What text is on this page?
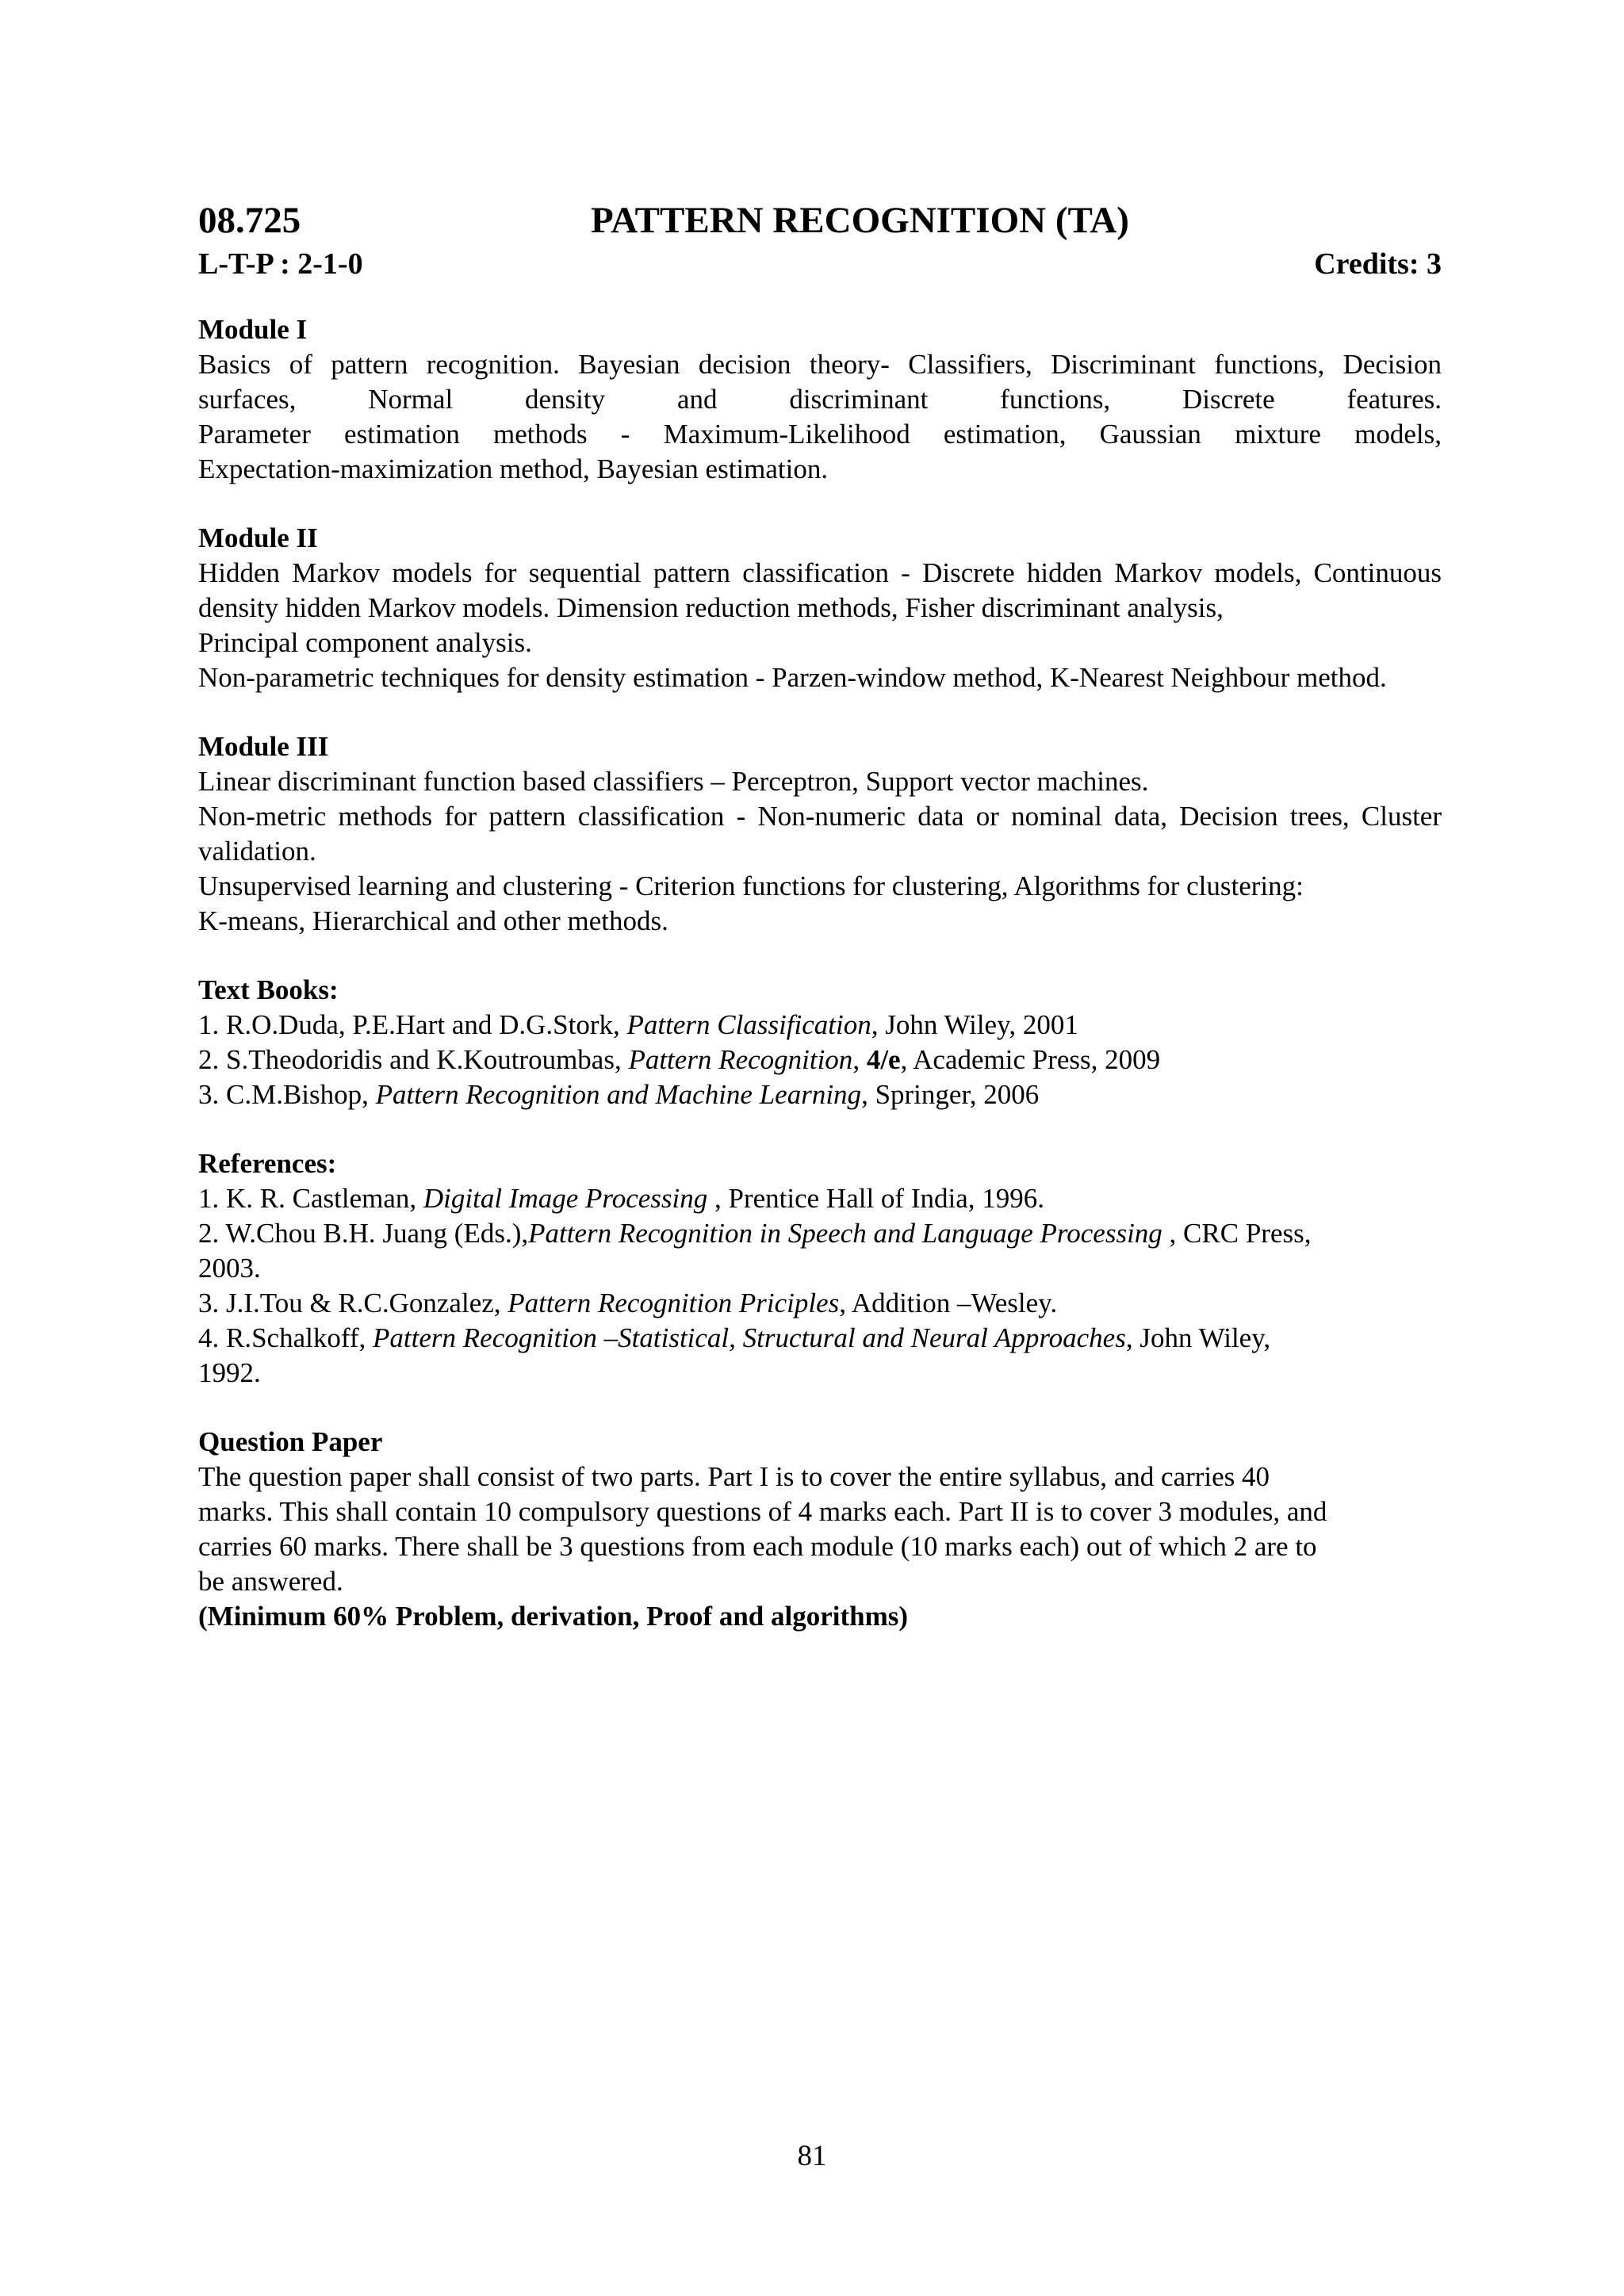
08.725	PATTERN RECOGNITION (TA)
L-T-P : 2-1-0	Credits: 3
Module I
Basics of pattern recognition. Bayesian decision theory- Classifiers, Discriminant functions, Decision
surfaces, Normal density and discriminant functions, Discrete features.
Parameter estimation methods - Maximum-Likelihood estimation, Gaussian mixture models,
Expectation-maximization method, Bayesian estimation.
Module II
Hidden Markov models for sequential pattern classification - Discrete hidden Markov models, Continuous density hidden Markov models. Dimension reduction methods, Fisher discriminant analysis,
Principal component analysis.
Non-parametric techniques for density estimation - Parzen-window method, K-Nearest Neighbour method.
Module III
Linear discriminant function based classifiers – Perceptron, Support vector machines.
Non-metric methods for pattern classification - Non-numeric data or nominal data, Decision trees, Cluster validation.
Unsupervised learning and clustering - Criterion functions for clustering, Algorithms for clustering:
K-means, Hierarchical and other methods.
Text Books:
1. R.O.Duda, P.E.Hart and D.G.Stork, Pattern Classification, John Wiley, 2001
2. S.Theodoridis and K.Koutroumbas, Pattern Recognition, 4/e, Academic Press, 2009
3. C.M.Bishop, Pattern Recognition and Machine Learning, Springer, 2006
References:
1. K. R. Castleman, Digital Image Processing , Prentice Hall of India, 1996.
2. W.Chou B.H. Juang (Eds.),Pattern Recognition in Speech and Language Processing , CRC Press,
2003.
3. J.I.Tou & R.C.Gonzalez, Pattern Recognition Priciples, Addition –Wesley.
4. R.Schalkoff, Pattern Recognition –Statistical, Structural and Neural Approaches, John Wiley,
1992.
Question Paper
The question paper shall consist of two parts. Part I is to cover the entire syllabus, and carries 40
marks. This shall contain 10 compulsory questions of 4 marks each. Part II is to cover 3 modules, and
carries 60 marks. There shall be 3 questions from each module (10 marks each) out of which 2 are to
be answered.
(Minimum 60% Problem, derivation, Proof and algorithms)
81
